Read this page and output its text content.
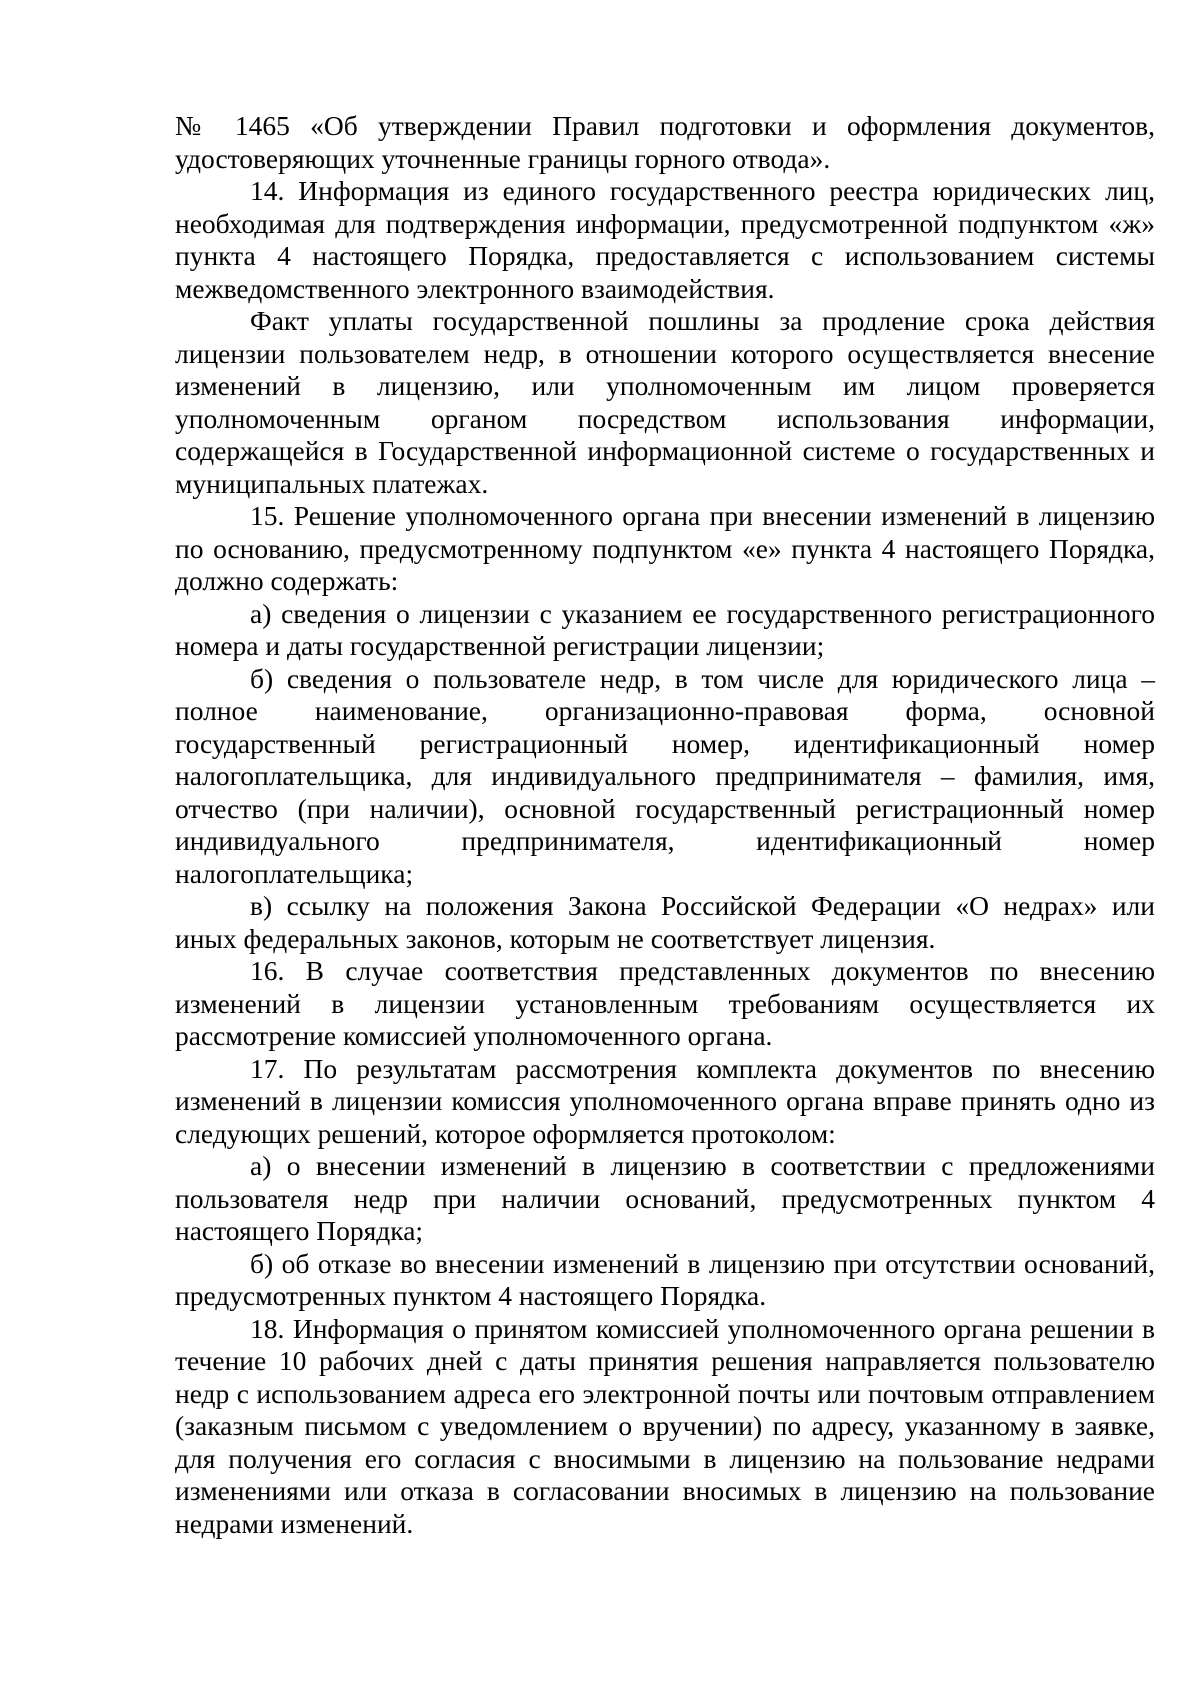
№ 1465 «Об утверждении Правил подготовки и оформления документов, удостоверяющих уточненные границы горного отвода».

14. Информация из единого государственного реестра юридических лиц, необходимая для подтверждения информации, предусмотренной подпунктом «ж» пункта 4 настоящего Порядка, предоставляется с использованием системы межведомственного электронного взаимодействия.

Факт уплаты государственной пошлины за продление срока действия лицензии пользователем недр, в отношении которого осуществляется внесение изменений в лицензию, или уполномоченным им лицом проверяется уполномоченным органом посредством использования информации, содержащейся в Государственной информационной системе о государственных и муниципальных платежах.

15. Решение уполномоченного органа при внесении изменений в лицензию по основанию, предусмотренному подпунктом «е» пункта 4 настоящего Порядка, должно содержать:

а) сведения о лицензии с указанием ее государственного регистрационного номера и даты государственной регистрации лицензии;

б) сведения о пользователе недр, в том числе для юридического лица – полное наименование, организационно-правовая форма, основной государственный регистрационный номер, идентификационный номер налогоплательщика, для индивидуального предпринимателя – фамилия, имя, отчество (при наличии), основной государственный регистрационный номер индивидуального предпринимателя, идентификационный номер налогоплательщика;

в) ссылку на положения Закона Российской Федерации «О недрах» или иных федеральных законов, которым не соответствует лицензия.

16. В случае соответствия представленных документов по внесению изменений в лицензии установленным требованиям осуществляется их рассмотрение комиссией уполномоченного органа.

17. По результатам рассмотрения комплекта документов по внесению изменений в лицензии комиссия уполномоченного органа вправе принять одно из следующих решений, которое оформляется протоколом:

а) о внесении изменений в лицензию в соответствии с предложениями пользователя недр при наличии оснований, предусмотренных пунктом 4 настоящего Порядка;

б) об отказе во внесении изменений в лицензию при отсутствии оснований, предусмотренных пунктом 4 настоящего Порядка.

18. Информация о принятом комиссией уполномоченного органа решении в течение 10 рабочих дней с даты принятия решения направляется пользователю недр с использованием адреса его электронной почты или почтовым отправлением (заказным письмом с уведомлением о вручении) по адресу, указанному в заявке, для получения его согласия с вносимыми в лицензию на пользование недрами изменениями или отказа в согласовании вносимых в лицензию на пользование недрами изменений.
